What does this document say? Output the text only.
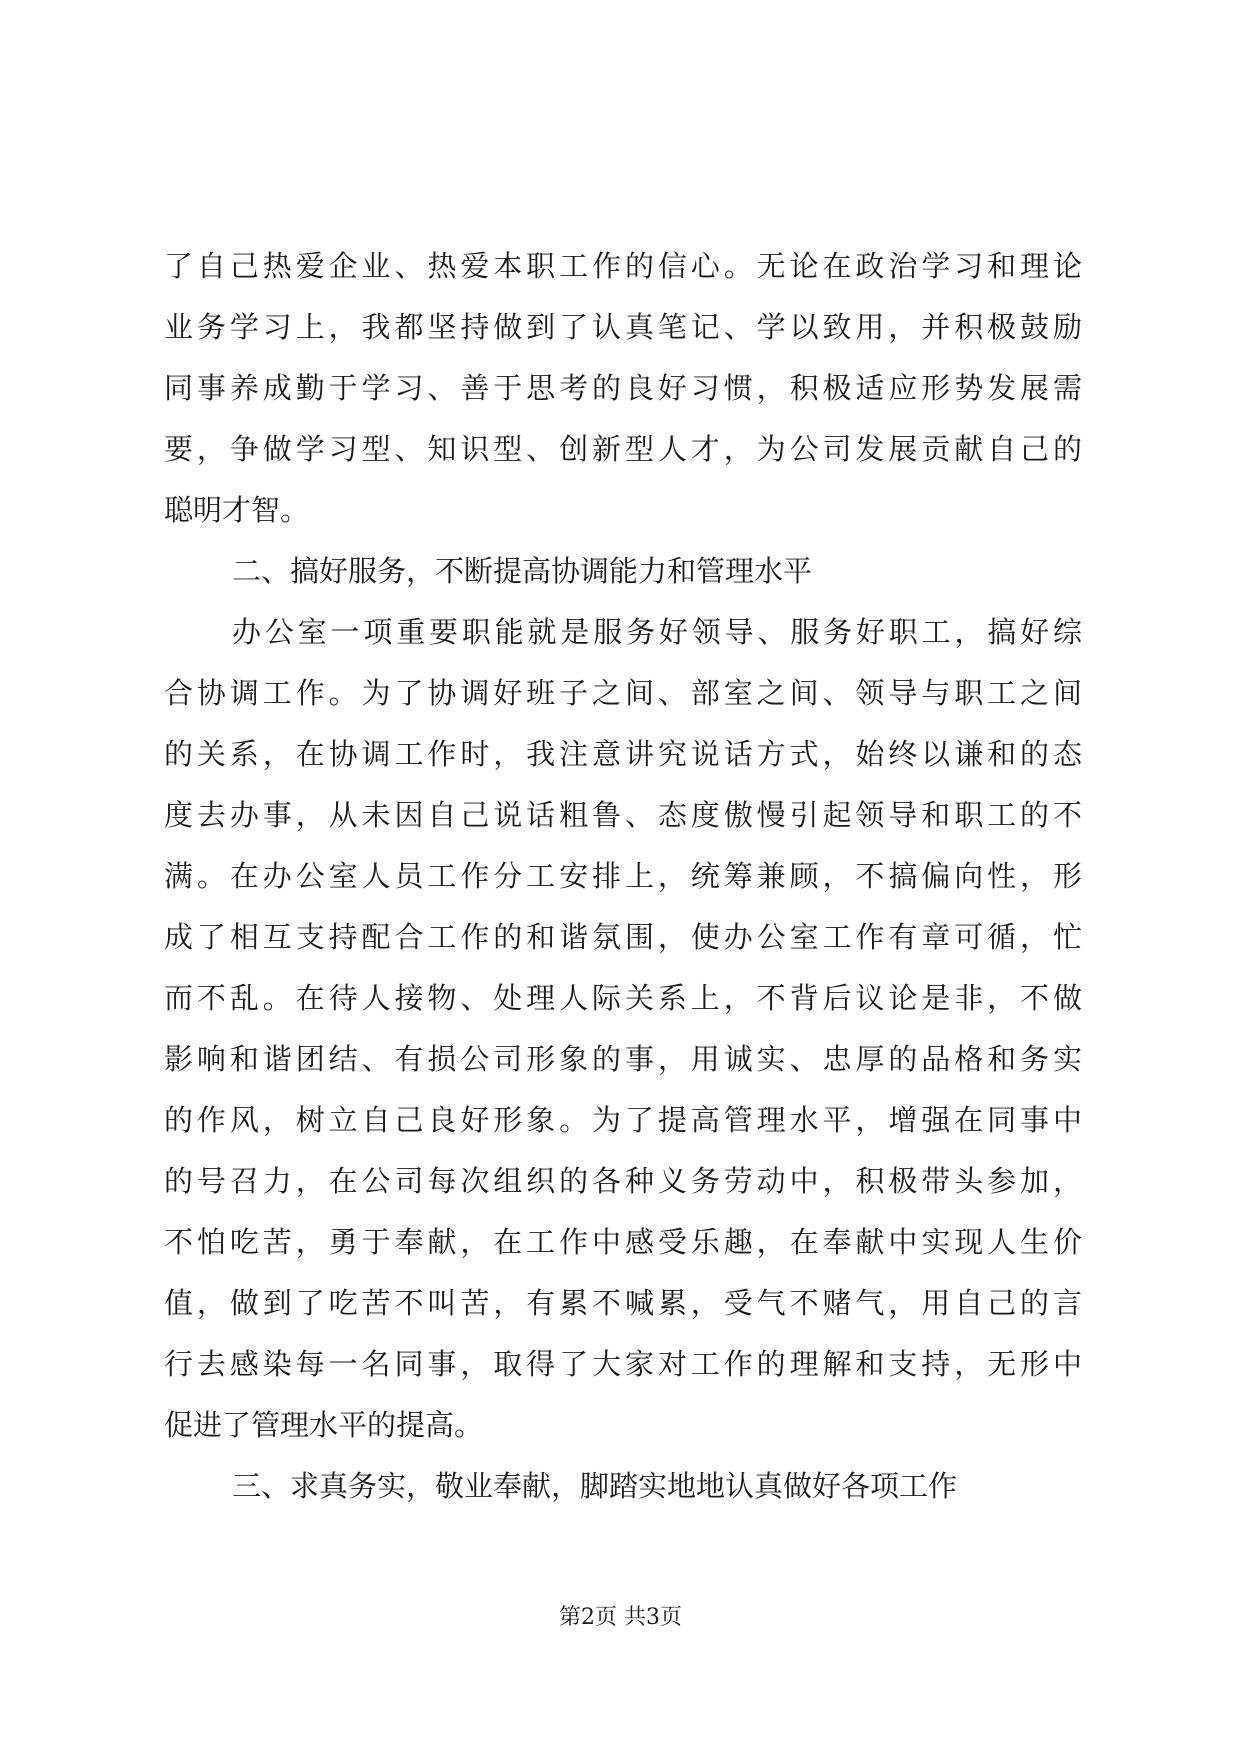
了自己热爱企业、热爱本职工作的信心。无论在政治学习和理论
业务学习上，我都坚持做到了认真笔记、学以致用，并积极鼓励
同事养成勤于学习、善于思考的良好习惯，积极适应形势发展需
要，争做学习型、知识型、创新型人才，为公司发展贡献自己的
聪明才智。
二、搞好服务，不断提高协调能力和管理水平
办公室一项重要职能就是服务好领导、服务好职工，搞好综
合协调工作。为了协调好班子之间、部室之间、领导与职工之间
的关系，在协调工作时，我注意讲究说话方式，始终以谦和的态
度去办事，从未因自己说话粗鲁、态度傲慢引起领导和职工的不
满。在办公室人员工作分工安排上，统筹兼顾，不搞偏向性，形
成了相互支持配合工作的和谐氛围，使办公室工作有章可循，忙
而不乱。在待人接物、处理人际关系上，不背后议论是非，不做
影响和谐团结、有损公司形象的事，用诚实、忠厚的品格和务实
的作风，树立自己良好形象。为了提高管理水平，增强在同事中
的号召力，在公司每次组织的各种义务劳动中，积极带头参加，
不怕吃苦，勇于奉献，在工作中感受乐趣，在奉献中实现人生价
值，做到了吃苦不叫苦，有累不喊累，受气不赌气，用自己的言
行去感染每一名同事，取得了大家对工作的理解和支持，无形中
促进了管理水平的提高。
三、求真务实，敬业奉献，脚踏实地地认真做好各项工作
第2页 共3页
